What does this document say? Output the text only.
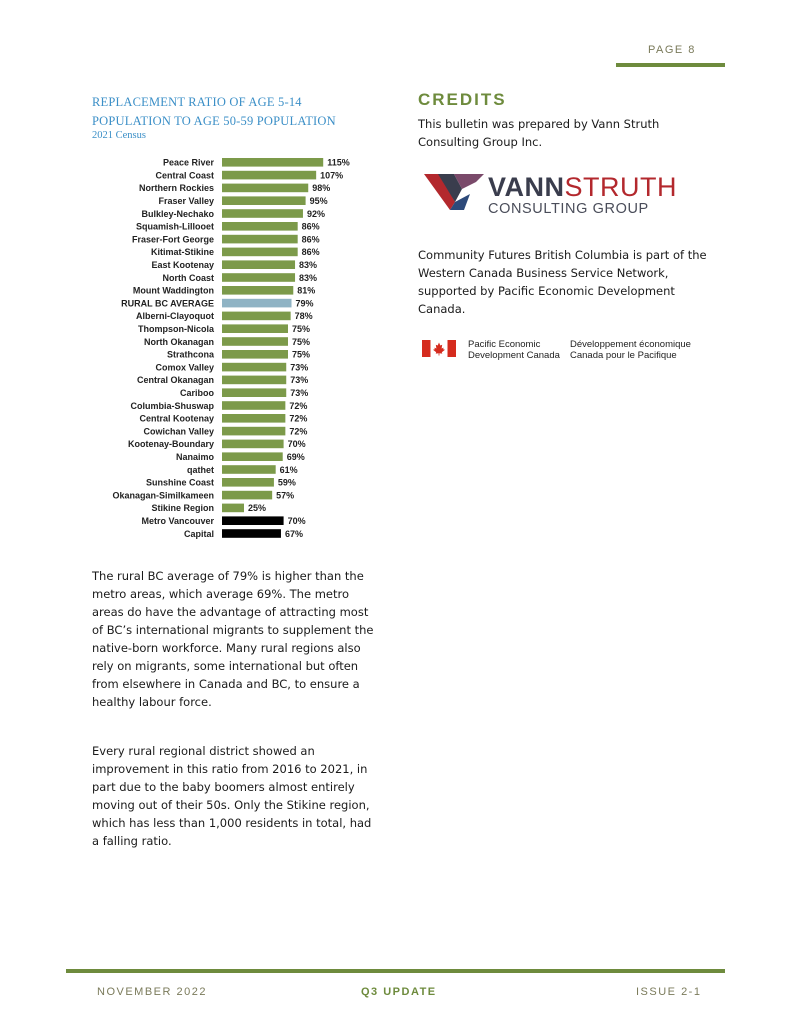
PAGE 8
REPLACEMENT RATIO OF AGE 5-14
POPULATION TO AGE 50-59 POPULATION
2021 Census
Peace River	115%
Central Coast	107%
Northern Rockies	98%
Fraser Valley	95%
Bulkley-Nechako	92%
Squamish-Lillooet	86%
Fraser-Fort George	86%
Kitimat-Stikine	86%
East Kootenay	83%
North Coast	83%
Mount Waddington	81%
RURAL BC AVERAGE	79%
Alberni-Clayoquot	78%
Thompson-Nicola	75%
North Okanagan	75%
Strathcona	75%
Comox Valley	73%
Central Okanagan	73%
Cariboo	73%
Columbia-Shuswap	72%
Central Kootenay	72%
Cowichan Valley	72%
Kootenay-Boundary	70%
Nanaimo	69%
qathet	61%
Sunshine Coast	59%
Okanagan-Similkameen	57%
Stikine Region	25%
Metro Vancouver	70%
Capital	67%

The rural BC average of 79% is higher than the metro areas, which average 69%. The metro areas do have the advantage of attracting most of BC’s international migrants to supplement the native-born workforce. Many rural regions also rely on migrants, some international but often from elsewhere in Canada and BC, to ensure a healthy labour force.

Every rural regional district showed an improvement in this ratio from 2016 to 2021, in part due to the baby boomers almost entirely moving out of their 50s. Only the Stikine region, which has less than 1,000 residents in total, had a falling ratio.

CREDITS

This bulletin was prepared by Vann Struth Consulting Group Inc.

VANNSTRUTH
CONSULTING GROUP

Community Futures British Columbia is part of the Western Canada Business Service Network, supported by Pacific Economic Development Canada.

Pacific Economic Development Canada
Développement économique Canada pour le Pacifique
NOVEMBER 2022	Q3 UPDATE	ISSUE 2-1
